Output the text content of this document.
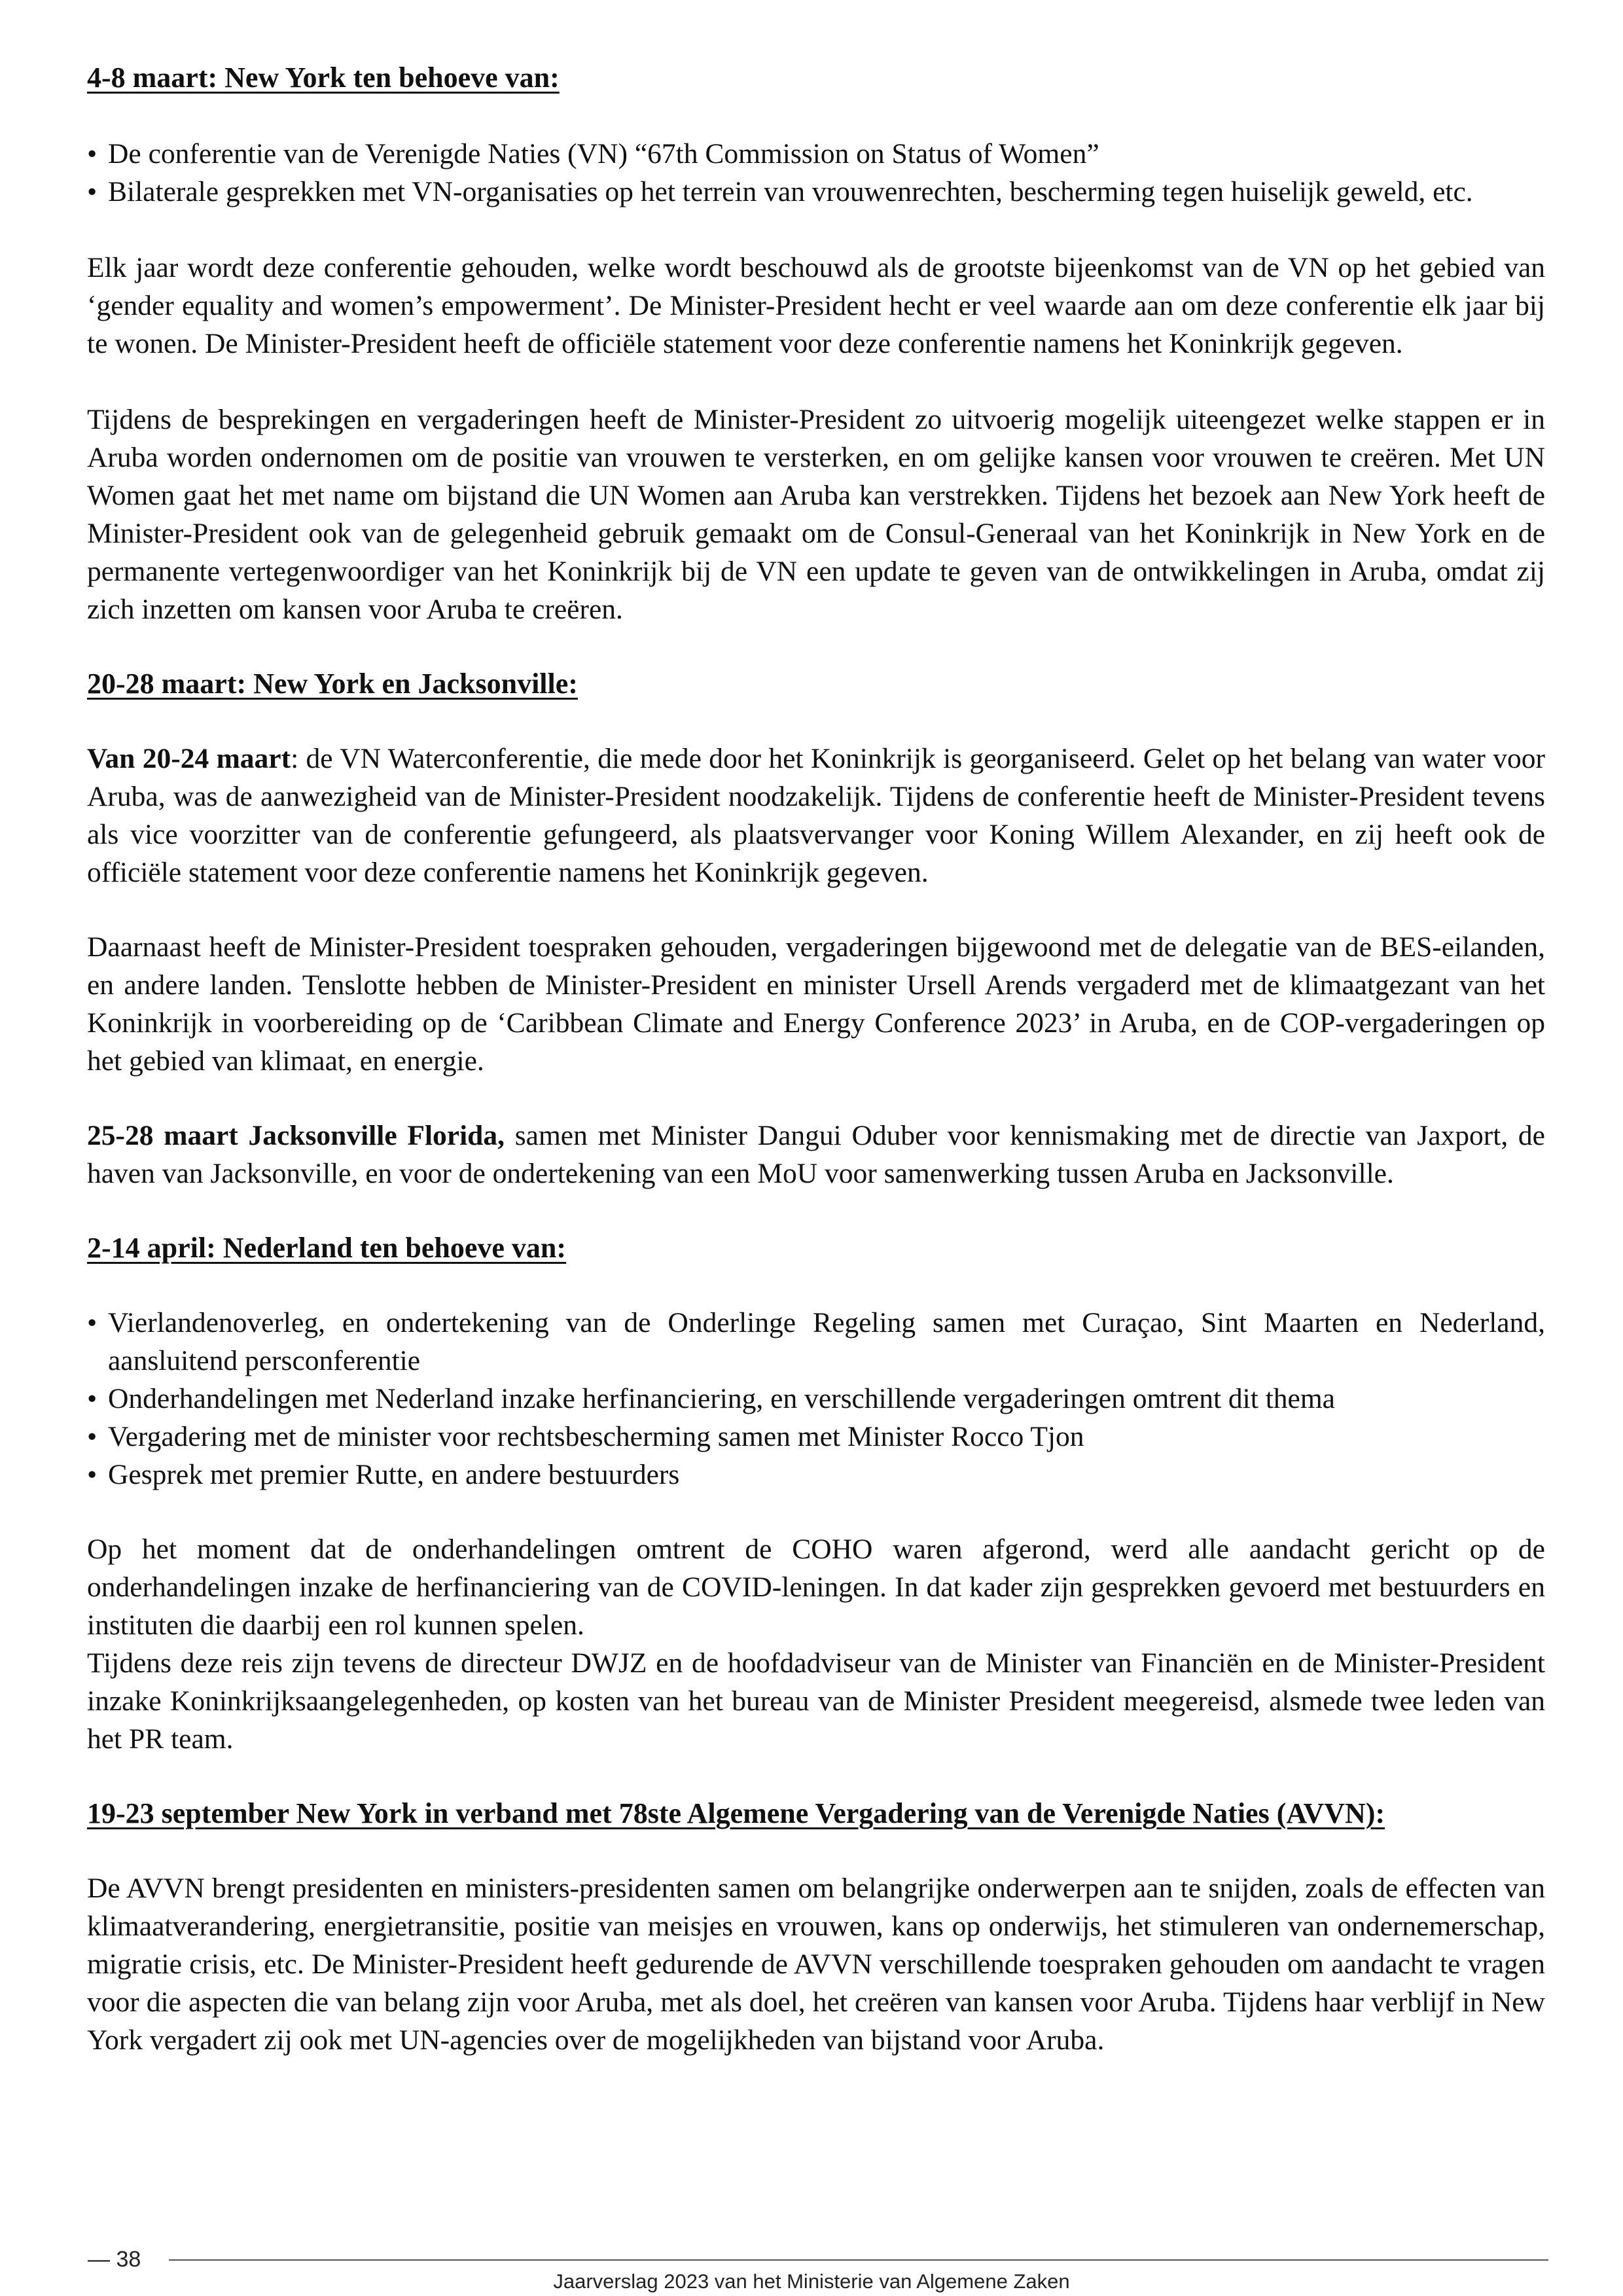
4-8 maart: New York ten behoeve van:
• De conferentie van de Verenigde Naties (VN) “67th Commission on Status of Women”
• Bilaterale gesprekken met VN-organisaties op het terrein van vrouwenrechten, bescherming tegen huiselijk geweld, etc.

Elk jaar wordt deze conferentie gehouden, welke wordt beschouwd als de grootste bijeenkomst van de VN op het gebied van ‘gender equality and women’s empowerment’. De Minister-President hecht er veel waarde aan om deze conferentie elk jaar bij te wonen. De Minister-President heeft de officiële statement voor deze conferentie namens het Koninkrijk gegeven.

Tijdens de besprekingen en vergaderingen heeft de Minister-President zo uitvoerig mogelijk uiteengezet welke stappen er in Aruba worden ondernomen om de positie van vrouwen te versterken, en om gelijke kansen voor vrouwen te creëren. Met UN Women gaat het met name om bijstand die UN Women aan Aruba kan verstrekken. Tijdens het bezoek aan New York heeft de Minister-President ook van de gelegenheid gebruik gemaakt om de Consul-Generaal van het Koninkrijk in New York en de permanente vertegenwoordiger van het Koninkrijk bij de VN een update te geven van de ontwikkelingen in Aruba, omdat zij zich inzetten om kansen voor Aruba te creëren.

20-28 maart: New York en Jacksonville:

Van 20-24 maart: de VN Waterconferentie, die mede door het Koninkrijk is georganiseerd. Gelet op het belang van water voor Aruba, was de aanwezigheid van de Minister-President noodzakelijk. Tijdens de conferentie heeft de Minister-President tevens als vice voorzitter van de conferentie gefungeerd, als plaatsvervanger voor Koning Willem Alexander, en zij heeft ook de officiële statement voor deze conferentie namens het Koninkrijk gegeven.

Daarnaast heeft de Minister-President toespraken gehouden, vergaderingen bijgewoond met de delegatie van de BES-eilanden, en andere landen. Tenslotte hebben de Minister-President en minister Ursell Arends vergaderd met de klimaatgezant van het Koninkrijk in voorbereiding op de ‘Caribbean Climate and Energy Conference 2023’ in Aruba, en de COP-vergaderingen op het gebied van klimaat, en energie.

25-28 maart Jacksonville Florida, samen met Minister Dangui Oduber voor kennismaking met de directie van Jaxport, de haven van Jacksonville, en voor de ondertekening van een MoU voor samenwerking tussen Aruba en Jacksonville.

2-14 april: Nederland ten behoeve van:
• Vierlandenoverleg, en ondertekening van de Onderlinge Regeling samen met Curaçao, Sint Maarten en Nederland, aansluitend persconferentie
• Onderhandelingen met Nederland inzake herfinanciering, en verschillende vergaderingen omtrent dit thema
• Vergadering met de minister voor rechtsbescherming samen met Minister Rocco Tjon
• Gesprek met premier Rutte, en andere bestuurders

Op het moment dat de onderhandelingen omtrent de COHO waren afgerond, werd alle aandacht gericht op de onderhandelingen inzake de herfinanciering van de COVID-leningen. In dat kader zijn gesprekken gevoerd met bestuurders en instituten die daarbij een rol kunnen spelen.

Tijdens deze reis zijn tevens de directeur DWJZ en de hoofdadviseur van de Minister van Financiën en de Minister-President inzake Koninkrijksaangelegenheden, op kosten van het bureau van de Minister President meegereisd, alsmede twee leden van het PR team.

19-23 september New York in verband met 78ste Algemene Vergadering van de Verenigde Naties (AVVN):

De AVVN brengt presidenten en ministers-presidenten samen om belangrijke onderwerpen aan te snijden, zoals de effecten van klimaatverandering, energietransitie, positie van meisjes en vrouwen, kans op onderwijs, het stimuleren van ondernemerschap, migratie crisis, etc. De Minister-President heeft gedurende de AVVN verschillende toespraken gehouden om aandacht te vragen voor die aspecten die van belang zijn voor Aruba, met als doel, het creëren van kansen voor Aruba. Tijdens haar verblijf in New York vergadert zij ook met UN-agencies over de mogelijkheden van bijstand voor Aruba.

— 38
Jaarverslag 2023 van het Ministerie van Algemene Zaken
